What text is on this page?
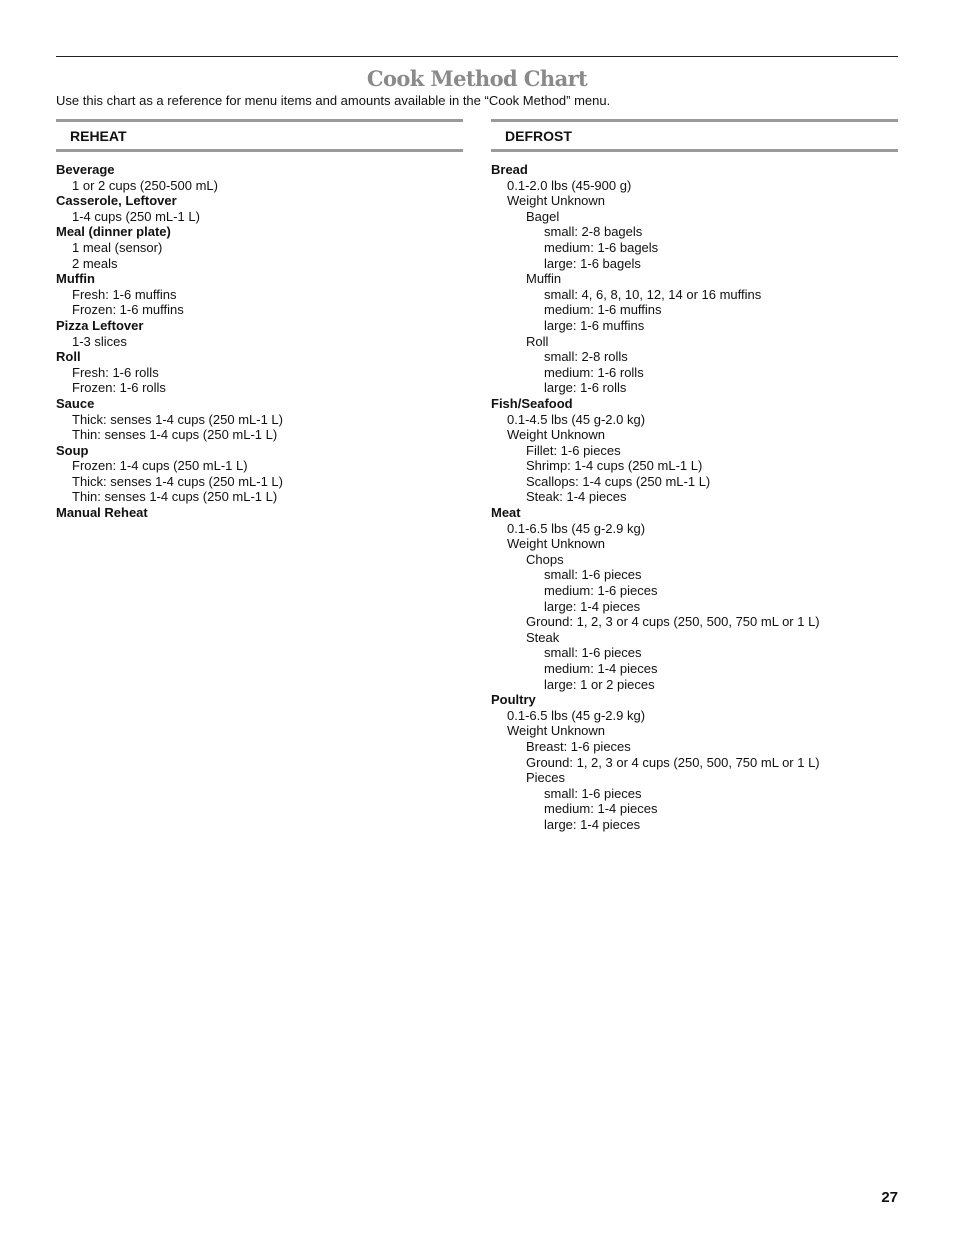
Cook Method Chart

Use this chart as a reference for menu items and amounts available in the “Cook Method” menu.

REHEAT
Beverage
1 or 2 cups (250-500 mL)
Casserole, Leftover
1-4 cups (250 mL-1 L)
Meal (dinner plate)
1 meal (sensor)
2 meals
Muffin
Fresh: 1-6 muffins
Frozen: 1-6 muffins
Pizza Leftover
1-3 slices
Roll
Fresh: 1-6 rolls
Frozen: 1-6 rolls
Sauce
Thick: senses 1-4 cups (250 mL-1 L)
Thin: senses 1-4 cups (250 mL-1 L)
Soup
Frozen: 1-4 cups (250 mL-1 L)
Thick: senses 1-4 cups (250 mL-1 L)
Thin: senses 1-4 cups (250 mL-1 L)
Manual Reheat
DEFROST
Bread
0.1-2.0 lbs (45-900 g)
Weight Unknown
Bagel
small: 2-8 bagels
medium: 1-6 bagels
large: 1-6 bagels
Muffin
small: 4, 6, 8, 10, 12, 14 or 16 muffins
medium: 1-6 muffins
large: 1-6 muffins
Roll
small: 2-8 rolls
medium: 1-6 rolls
large: 1-6 rolls
Fish/Seafood
0.1-4.5 lbs (45 g-2.0 kg)
Weight Unknown
Fillet: 1-6 pieces
Shrimp: 1-4 cups (250 mL-1 L)
Scallops: 1-4 cups (250 mL-1 L)
Steak: 1-4 pieces
Meat
0.1-6.5 lbs (45 g-2.9 kg)
Weight Unknown
Chops
small: 1-6 pieces
medium: 1-6 pieces
large: 1-4 pieces
Ground: 1, 2, 3 or 4 cups (250, 500, 750 mL or 1 L)
Steak
small: 1-6 pieces
medium: 1-4 pieces
large: 1 or 2 pieces
Poultry
0.1-6.5 lbs (45 g-2.9 kg)
Weight Unknown
Breast: 1-6 pieces
Ground: 1, 2, 3 or 4 cups (250, 500, 750 mL or 1 L)
Pieces
small: 1-6 pieces
medium: 1-4 pieces
large: 1-4 pieces
27
